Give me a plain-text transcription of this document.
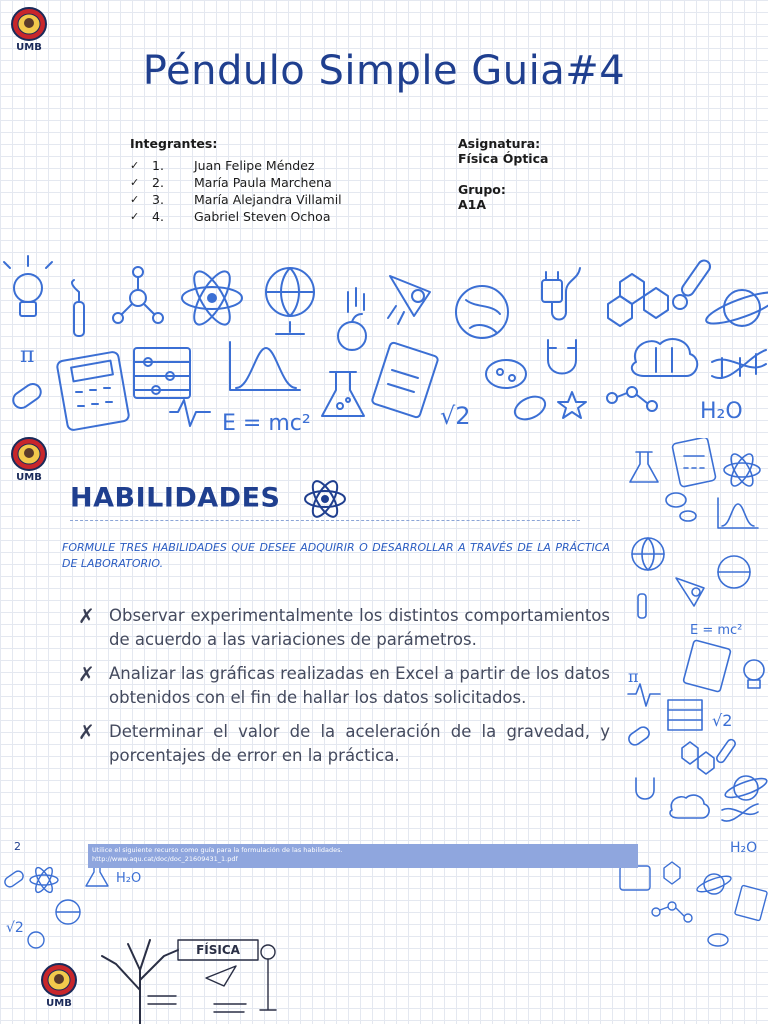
UMB
UMB
UMB
Péndulo Simple Guia#4
Integrantes:
✓	1.	Juan Felipe Méndez
✓	2.	María Paula Marchena
✓	3.	María Alejandra Villamil
✓	4.	Gabriel Steven Ochoa
Asignatura:
Física Óptica
Grupo:
A1A
π
E = mc²	√2	H₂O
E = mc²
π
√2
H₂O
H₂O
√2
FÍSICA
HABILIDADES
FORMULE TRES HABILIDADES QUE DESEE ADQUIRIR O DESARROLLAR A TRAVÉS DE LA PRÁCTICA DE LABORATORIO.
✗ Observar experimentalmente los distintos comportamientos de acuerdo a las variaciones de parámetros.
✗ Analizar las gráficas realizadas en Excel a partir de los datos obtenidos con el fin de hallar los datos solicitados.
✗ Determinar el valor de la aceleración de la gravedad, y porcentajes de error en la práctica.
2	Utilice el siguiente recurso como guía para la formulación de las habilidades.
http://www.aqu.cat/doc/doc_21609431_1.pdf
